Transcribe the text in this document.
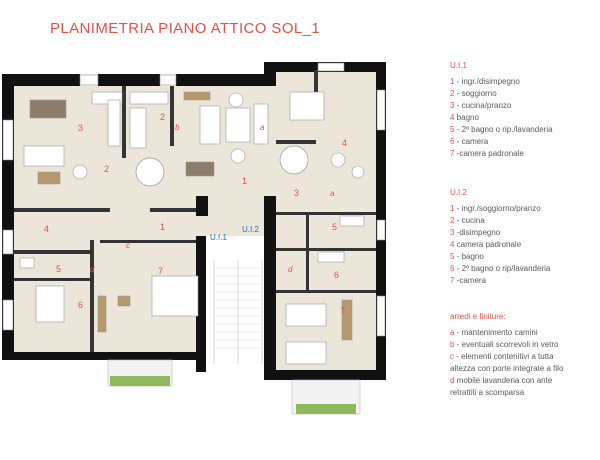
PLANIMETRIA PIANO ATTICO SOL_1
3
2
2
b
1
a
4
3	a
1
4
5	d
c
6
7
5
6
d
7
U.I.1
U.I.2
U.I.1
1 - ingr./disimpegno
2 - soggiorno
3 - cucina/pranzo
4 bagno
5 - 2º bagno o rip./lavanderia
6 - camera
7 -camera padronale
U.I.2
1 - ingr./soggiorno/pranzo
2 - cucina
3 -disimpegno
4 camera padronale
5 - bagno
6 - 2º bagno o rip/lavanderia
7 -camera
arredi e finiture:
a - mantenimento camini
b - eventuali scorrevoli in vetro
c - elementi contenitivi a tutta
altezza con porte integrate a filo
d mobile lavanderia con ante
retrattili a scomparsa
